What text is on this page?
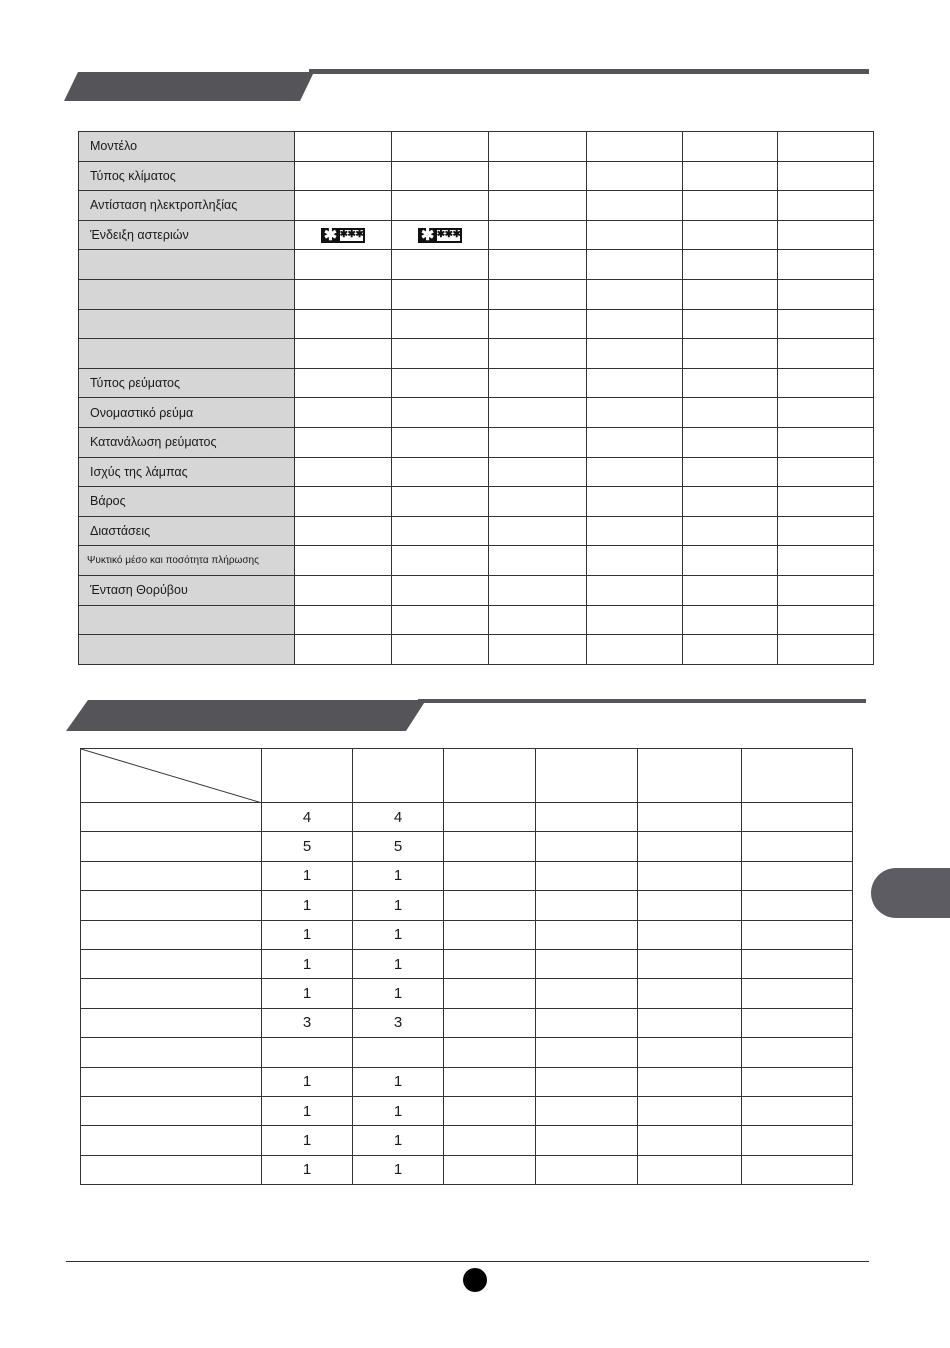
Μοντέλο						
Τύπος κλίματος						
Αντίσταση ηλεκτροπληξίας						
Ένδειξη αστεριών	✱ ✱✱✱	✱ ✱✱✱				

Τύπος ρεύματος						
Ονομαστικό ρεύμα						
Κατανάλωση ρεύματος						
Ισχύς της λάμπας						
Βάρος						
Διαστάσεις						
Ψυκτικό μέσο και ποσότητα πλήρωσης						
Ένταση Θορύβου						

	4	4				
	5	5				
	1	1				
	1	1				
	1	1				
	1	1				
	1	1				
	3	3				

	1	1				
	1	1				
	1	1				
	1	1				
